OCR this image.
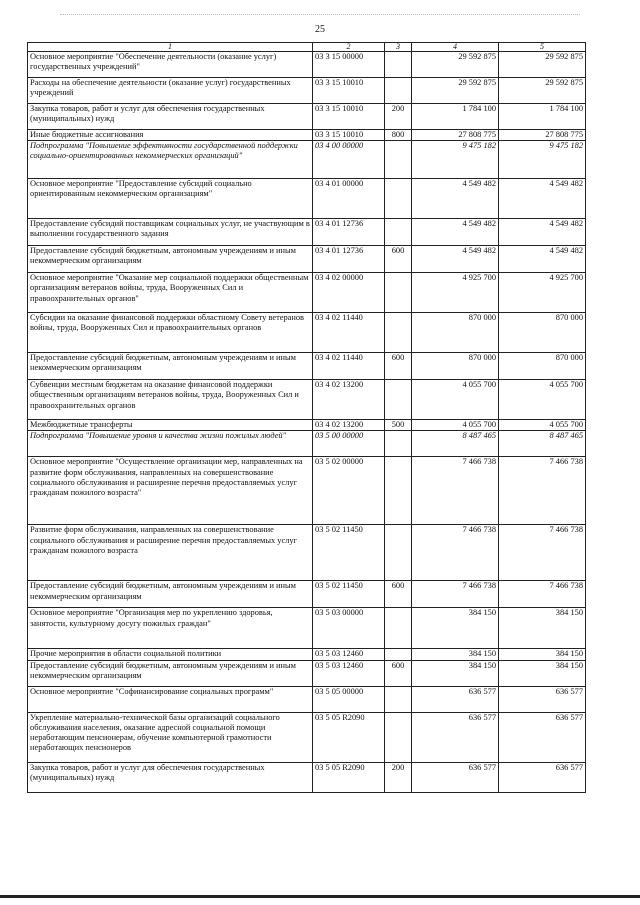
25
1	2	3	4	5
Основное мероприятие "Обеспечение деятельности (оказание услуг) государственных учреждений"	03 3 15 00000		29 592 875	29 592 875
Расходы на обеспечение деятельности (оказание услуг) государственных учреждений	03 3 15 10010		29 592 875	29 592 875
Закупка товаров, работ и услуг для обеспечения государственных (муниципальных) нужд	03 3 15 10010	200	1 784 100	1 784 100
Иные бюджетные ассигнования	03 3 15 10010	800	27 808 775	27 808 775
Подпрограмма "Повышение эффективности государственной поддержки социально-ориентированных некоммерческих организаций"	03 4 00 00000		9 475 182	9 475 182
Основное мероприятие "Предоставление субсидий социально ориентированным некоммерческим организациям"	03 4 01 00000		4 549 482	4 549 482
Предоставление субсидий поставщикам социальных услуг, не участвующим в выполнении государственного задания	03 4 01 12736		4 549 482	4 549 482
Предоставление субсидий бюджетным, автономным учреждениям и иным некоммерческим организациям	03 4 01 12736	600	4 549 482	4 549 482
Основное мероприятие "Оказание мер социальной поддержки общественным организациям ветеранов войны, труда, Вооруженных Сил и правоохранительных органов"	03 4 02 00000		4 925 700	4 925 700
Субсидии на оказание финансовой поддержки областному Совету ветеранов войны, труда, Вооруженных Сил и правоохранительных органов	03 4 02 11440		870 000	870 000
Предоставление субсидий бюджетным, автономным учреждениям и иным некоммерческим организациям	03 4 02 11440	600	870 000	870 000
Субвенции местным бюджетам на оказание финансовой поддержки общественным организациям ветеранов войны, труда, Вооруженных Сил и правоохранительных органов	03 4 02 13200		4 055 700	4 055 700
Межбюджетные трансферты	03 4 02 13200	500	4 055 700	4 055 700
Подпрограмма "Повышение уровня и качества жизни пожилых людей"	03 5 00 00000		8 487 465	8 487 465
Основное мероприятие "Осуществление организации мер, направленных на развитие форм обслуживания, направленных на совершенствование социального обслуживания и расширение перечня предоставляемых услуг гражданам пожилого возраста"	03 5 02 00000		7 466 738	7 466 738
Развитие форм обслуживания, направленных на совершенствование социального обслуживания и расширение перечня предоставляемых услуг гражданам пожилого возраста	03 5 02 11450		7 466 738	7 466 738
Предоставление субсидий бюджетным, автономным учреждениям и иным некоммерческим организациям	03 5 02 11450	600	7 466 738	7 466 738
Основное мероприятие "Организация мер по укреплению здоровья, занятости, культурному досугу пожилых граждан"	03 5 03 00000		384 150	384 150
Прочие мероприятия в области социальной политики	03 5 03 12460		384 150	384 150
Предоставление субсидий бюджетным, автономным учреждениям и иным некоммерческим организациям	03 5 03 12460	600	384 150	384 150
Основное мероприятие "Софинансирование социальных программ"	03 5 05 00000		636 577	636 577
Укрепление материально-технической базы организаций социального обслуживания населения, оказание адресной социальной помощи неработающим пенсионерам, обучение компьютерной грамотности неработающих пенсионеров	03 5 05 R2090		636 577	636 577
Закупка товаров, работ и услуг для обеспечения государственных (муниципальных) нужд	03 5 05 R2090	200	636 577	636 577
